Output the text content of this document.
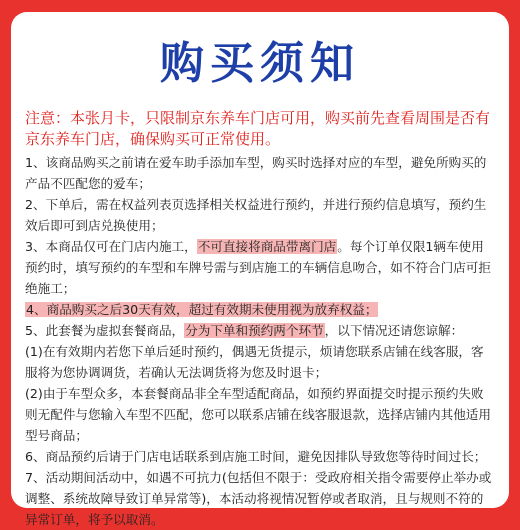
购买须知
注意：本张月卡，只限制京东养车门店可用，购买前先查看周围是否有京东养车门店，确保购买可正常使用。

1、该商品购买之前请在爱车助手添加车型，购买时选择对应的车型，避免所购买的产品不匹配您的爱车；

2、下单后，需在权益列表页选择相关权益进行预约，并进行预约信息填写，预约生效后即可到店兑换使用；

3、本商品仅可在门店内施工，不可直接将商品带离门店。每个订单仅限1辆车使用预约时，填写预约的车型和车牌号需与到店施工的车辆信息吻合，如不符合门店可拒绝施工；

4、商品购买之后30天有效，超过有效期未使用视为放弃权益；

5、此套餐为虚拟套餐商品，分为下单和预约两个环节，以下情况还请您谅解：

(1)在有效期内若您下单后延时预约，偶遇无货提示，烦请您联系店铺在线客服，客服将为您协调调货，若确认无法调货将为您及时退卡；

(2)由于车型众多，本套餐商品非全车型适配商品，如预约界面提交时提示预约失败则无配件与您输入车型不匹配，您可以联系店铺在线客服退款，选择店铺内其他适用型号商品；

6、商品预约后请于门店电话联系到店施工时间，避免因排队导致您等待时间过长；

7、活动期间活动中，如遇不可抗力(包括但不限于：受政府相关指令需要停止举办或调整、系统故障导致订单异常等)，本活动将视情况暂停或者取消，且与规则不符的异常订单，将予以取消。
